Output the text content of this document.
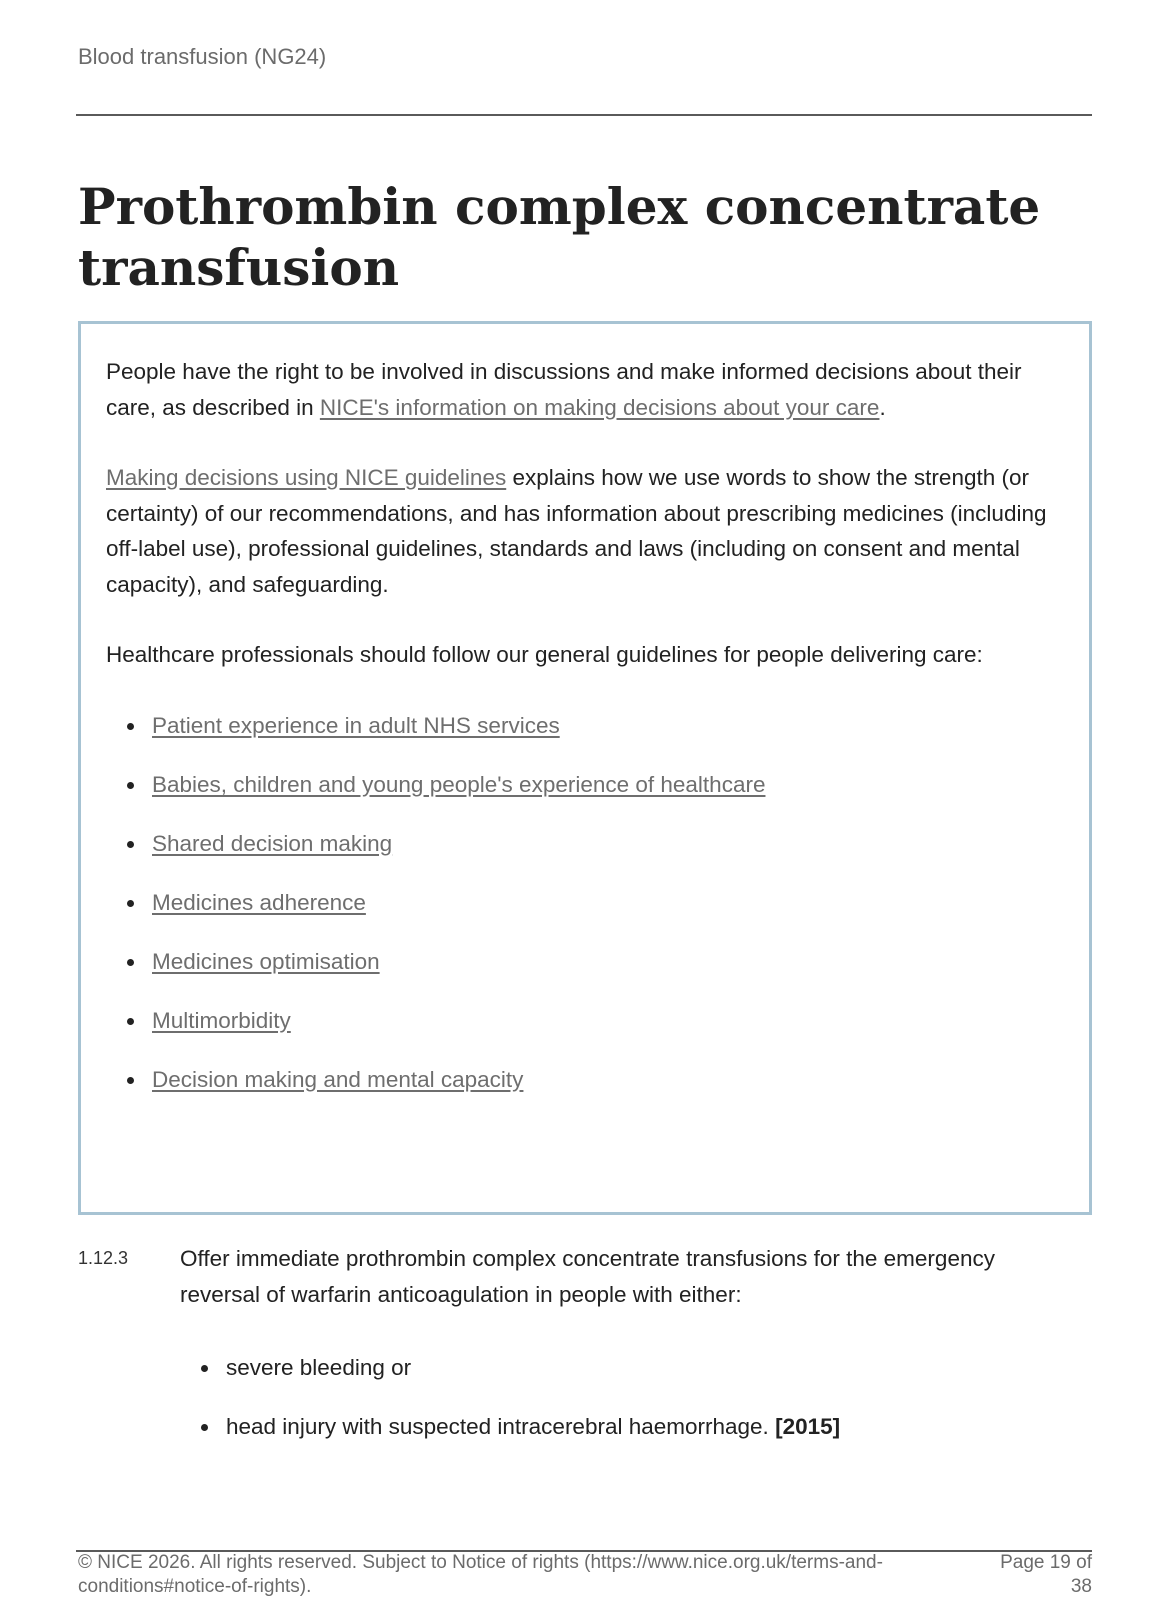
Blood transfusion (NG24)
Prothrombin complex concentrate transfusion

People have the right to be involved in discussions and make informed decisions about their care, as described in NICE's information on making decisions about your care.

Making decisions using NICE guidelines explains how we use words to show the strength (or certainty) of our recommendations, and has information about prescribing medicines (including off-label use), professional guidelines, standards and laws (including on consent and mental capacity), and safeguarding.

Healthcare professionals should follow our general guidelines for people delivering care:

Patient experience in adult NHS services
Babies, children and young people's experience of healthcare
Shared decision making
Medicines adherence
Medicines optimisation
Multimorbidity
Decision making and mental capacity
1.12.3 Offer immediate prothrombin complex concentrate transfusions for the emergency reversal of warfarin anticoagulation in people with either:

severe bleeding or
head injury with suspected intracerebral haemorrhage. [2015]
© NICE 2026. All rights reserved. Subject to Notice of rights (https://www.nice.org.uk/terms-and-conditions#notice-of-rights).
Page 19 of 38
